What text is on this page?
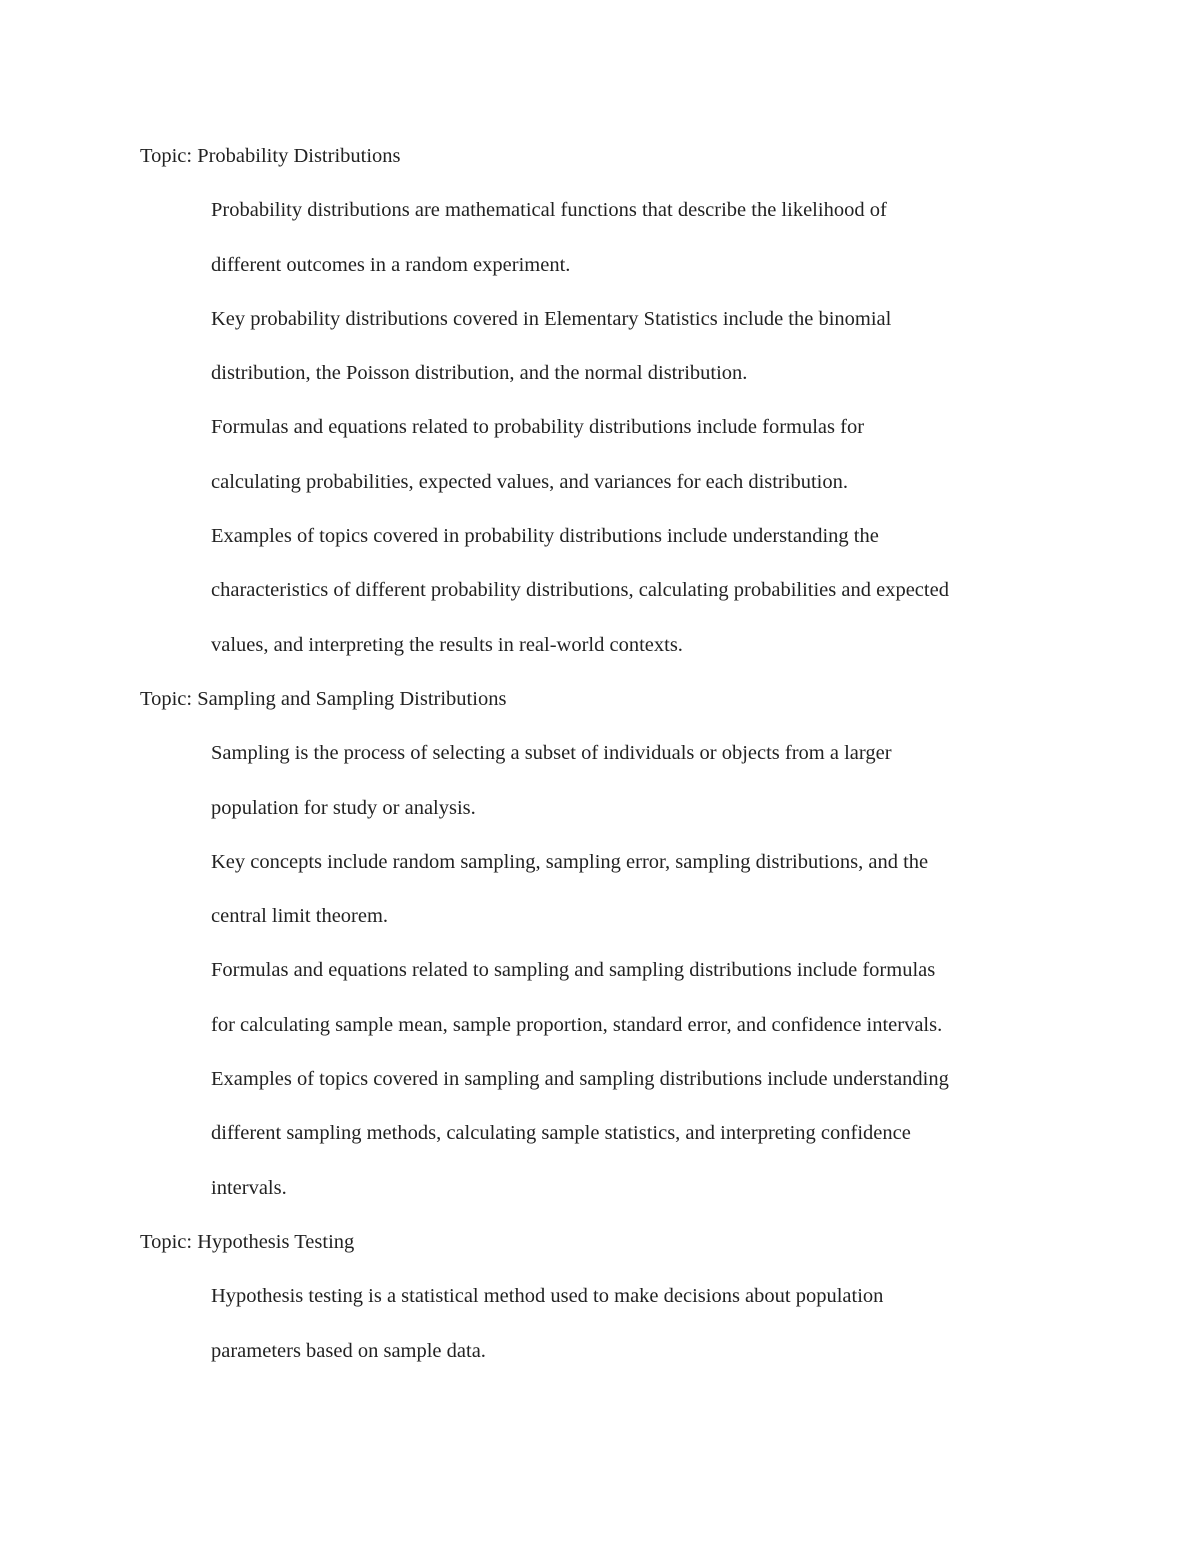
Topic: Probability Distributions

Probability distributions are mathematical functions that describe the likelihood of
different outcomes in a random experiment.

Key probability distributions covered in Elementary Statistics include the binomial
distribution, the Poisson distribution, and the normal distribution.

Formulas and equations related to probability distributions include formulas for
calculating probabilities, expected values, and variances for each distribution.

Examples of topics covered in probability distributions include understanding the
characteristics of different probability distributions, calculating probabilities and expected
values, and interpreting the results in real-world contexts.

Topic: Sampling and Sampling Distributions

Sampling is the process of selecting a subset of individuals or objects from a larger
population for study or analysis.

Key concepts include random sampling, sampling error, sampling distributions, and the
central limit theorem.

Formulas and equations related to sampling and sampling distributions include formulas
for calculating sample mean, sample proportion, standard error, and confidence intervals.

Examples of topics covered in sampling and sampling distributions include understanding
different sampling methods, calculating sample statistics, and interpreting confidence
intervals.

Topic: Hypothesis Testing

Hypothesis testing is a statistical method used to make decisions about population
parameters based on sample data.
